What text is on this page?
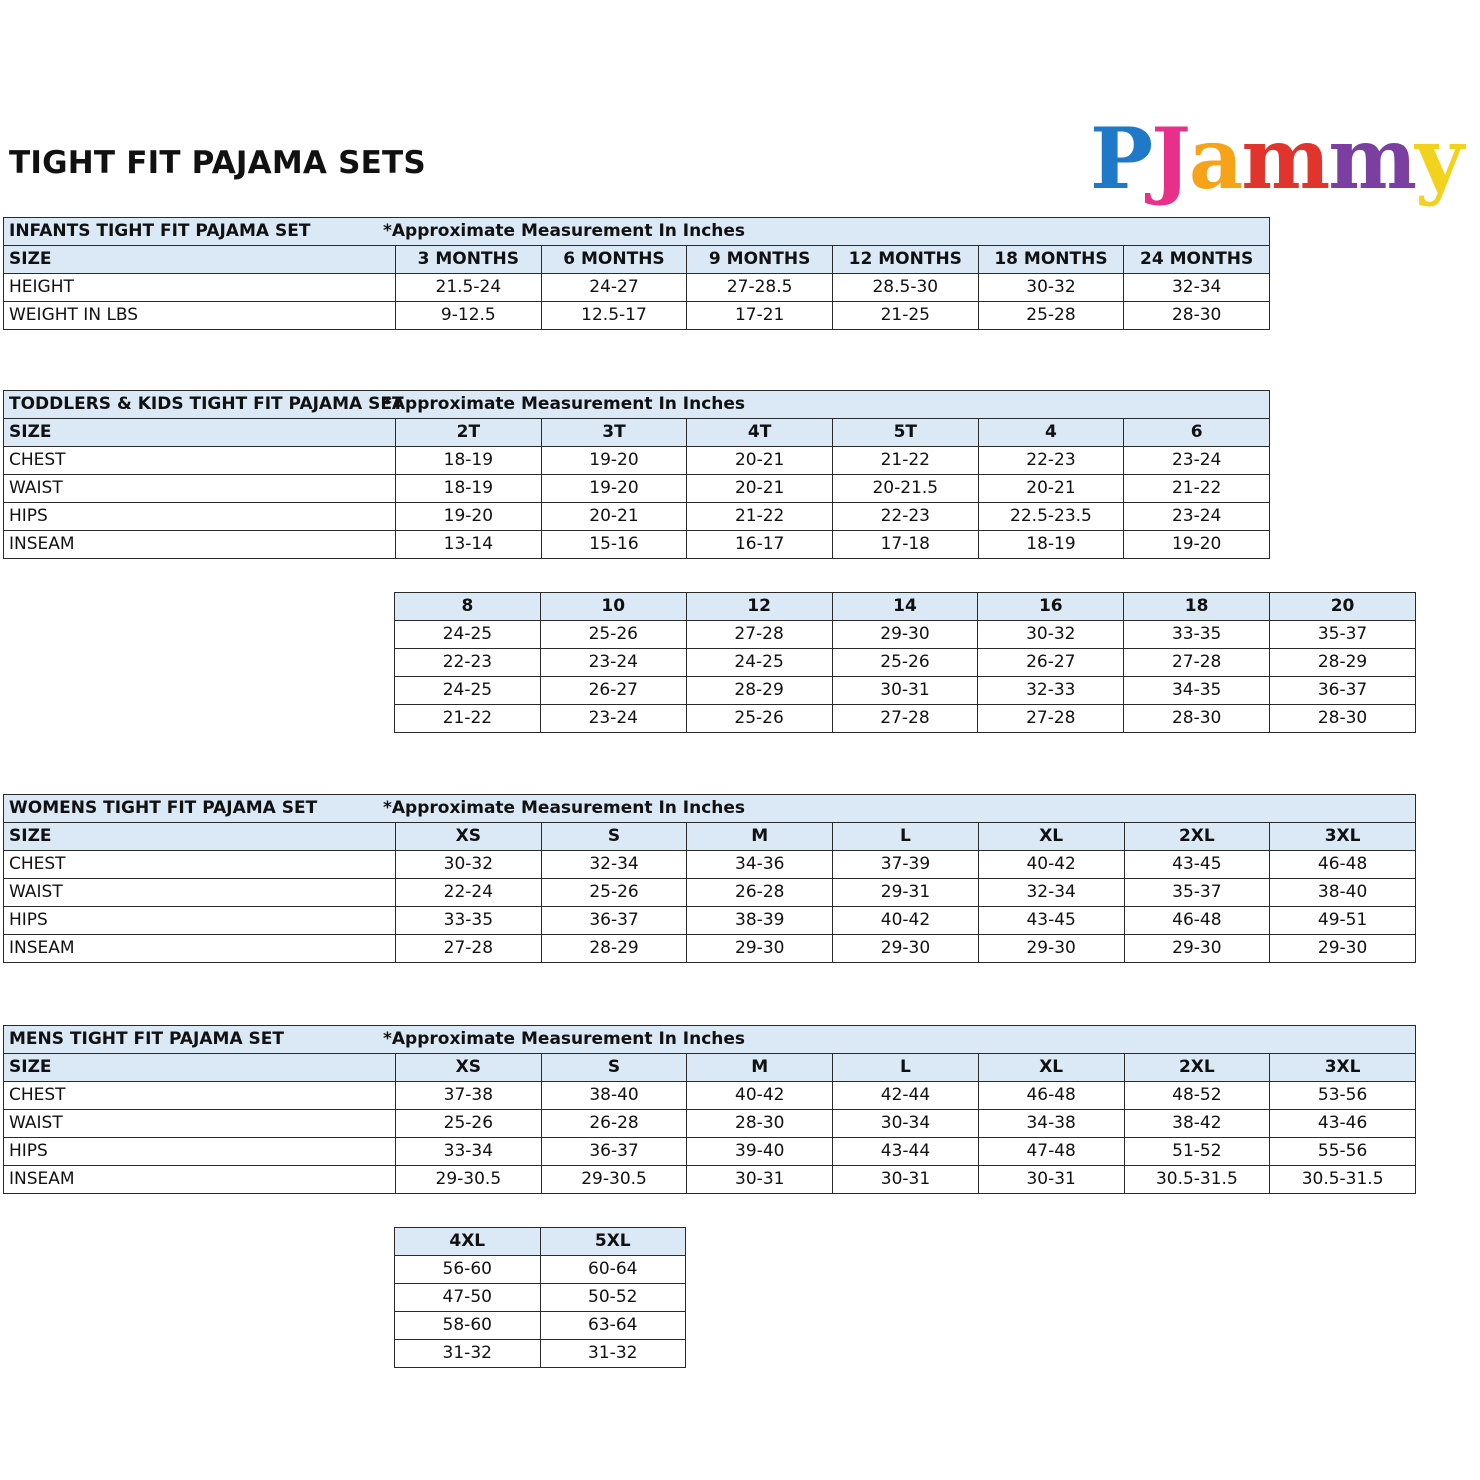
TIGHT FIT PAJAMA SETS	PJammy
INFANTS TIGHT FIT PAJAMA SET *Approximate Measurement In Inches						
SIZE	3 MONTHS	6 MONTHS	9 MONTHS	12 MONTHS	18 MONTHS	24 MONTHS
HEIGHT	21.5-24	24-27	27-28.5	28.5-30	30-32	32-34
WEIGHT IN LBS	9-12.5	12.5-17	17-21	21-25	25-28	28-30
TODDLERS & KIDS TIGHT FIT PAJAMA SET*Approximate Measurement In Inches						
SIZE	2T	3T	4T	5T	4	6
CHEST	18-19	19-20	20-21	21-22	22-23	23-24
WAIST	18-19	19-20	20-21	20-21.5	20-21	21-22
HIPS	19-20	20-21	21-22	22-23	22.5-23.5	23-24
INSEAM	13-14	15-16	16-17	17-18	18-19	19-20
8	10	12	14	16	18	20
24-25	25-26	27-28	29-30	30-32	33-35	35-37
22-23	23-24	24-25	25-26	26-27	27-28	28-29
24-25	26-27	28-29	30-31	32-33	34-35	36-37
21-22	23-24	25-26	27-28	27-28	28-30	28-30
WOMENS TIGHT FIT PAJAMA SET *Approximate Measurement In Inches							
SIZE	XS	S	M	L	XL	2XL	3XL
CHEST	30-32	32-34	34-36	37-39	40-42	43-45	46-48
WAIST	22-24	25-26	26-28	29-31	32-34	35-37	38-40
HIPS	33-35	36-37	38-39	40-42	43-45	46-48	49-51
INSEAM	27-28	28-29	29-30	29-30	29-30	29-30	29-30
MENS TIGHT FIT PAJAMA SET *Approximate Measurement In Inches							
SIZE	XS	S	M	L	XL	2XL	3XL
CHEST	37-38	38-40	40-42	42-44	46-48	48-52	53-56
WAIST	25-26	26-28	28-30	30-34	34-38	38-42	43-46
HIPS	33-34	36-37	39-40	43-44	47-48	51-52	55-56
INSEAM	29-30.5	29-30.5	30-31	30-31	30-31	30.5-31.5	30.5-31.5
4XL	5XL
56-60	60-64
47-50	50-52
58-60	63-64
31-32	31-32
